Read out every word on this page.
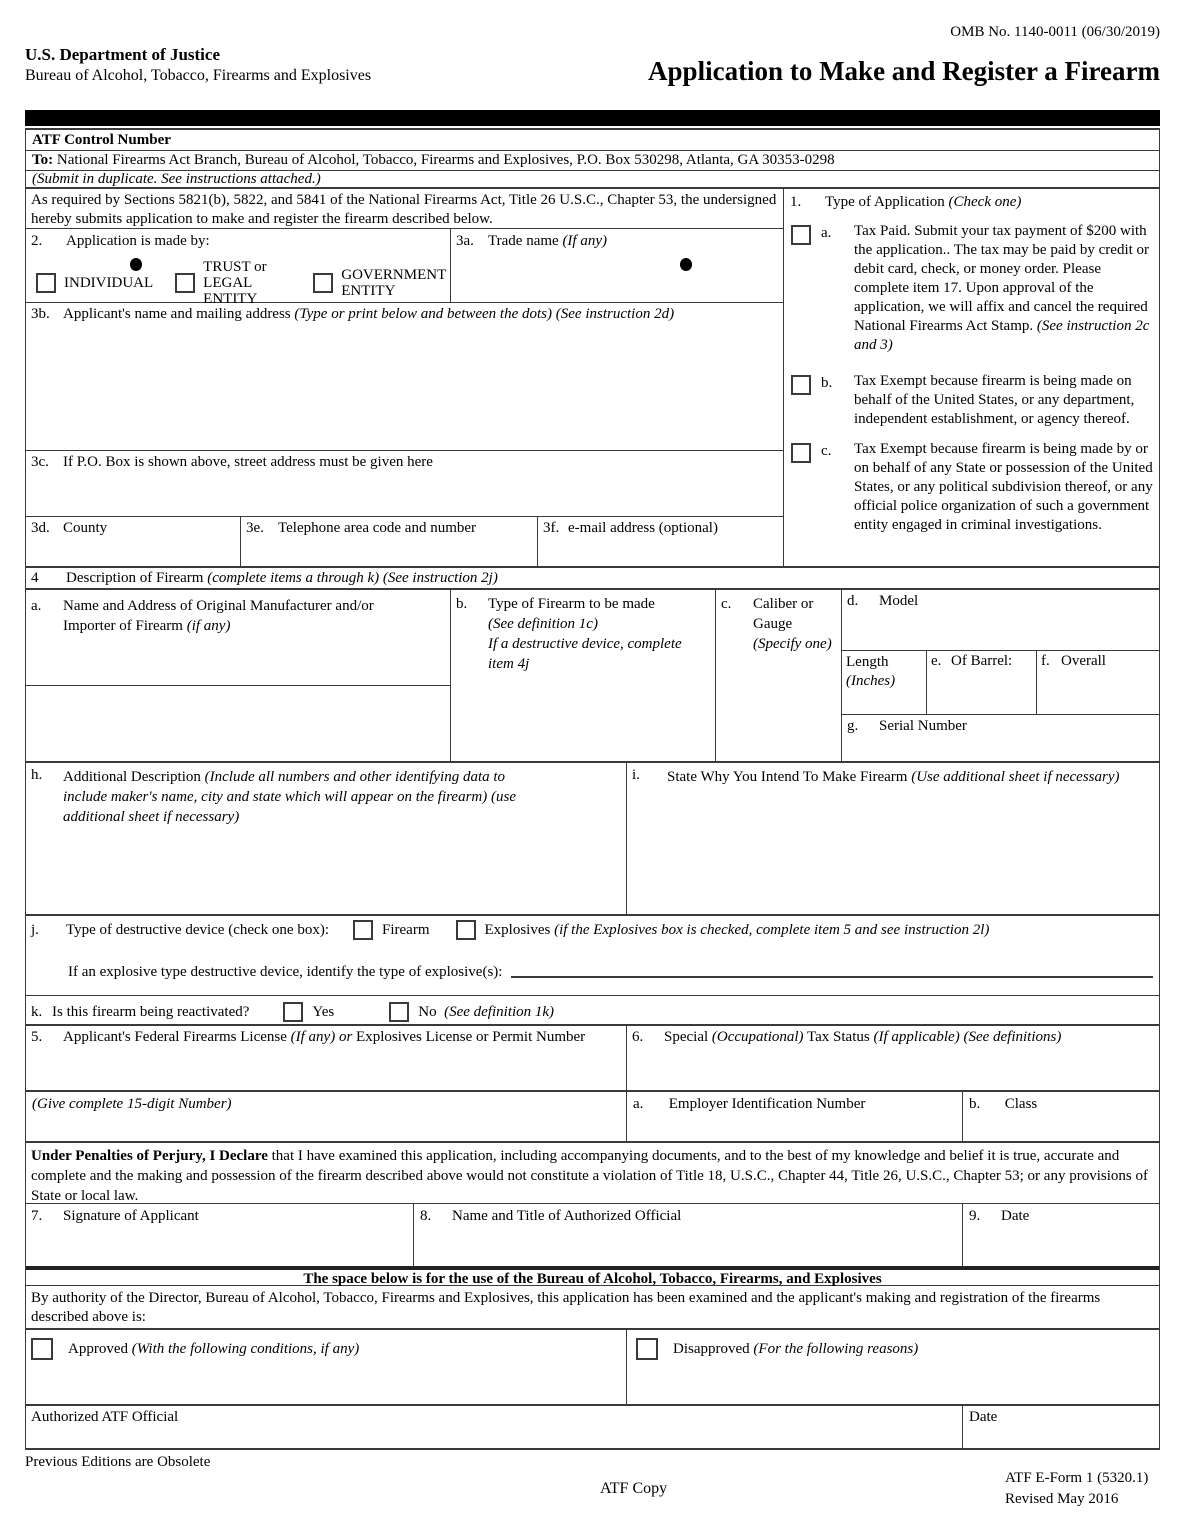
OMB No. 1140-0011 (06/30/2019)
U.S. Department of Justice
Bureau of Alcohol, Tobacco, Firearms and Explosives	Application to Make and Register a Firearm
ATF Control Number
To: National Firearms Act Branch, Bureau of Alcohol, Tobacco, Firearms and Explosives, P.O. Box 530298, Atlanta, GA 30353-0298
(Submit in duplicate. See instructions attached.)
As required by Sections 5821(b), 5822, and 5841 of the National Firearms Act, Title 26 U.S.C., Chapter 53, the undersigned hereby submits application to make and register the firearm described below.
2.	Application is made by:
INDIVIDUAL
TRUST or LEGAL ENTITY
GOVERNMENT ENTITY
3a. Trade name (If any)
3b. Applicant's name and mailing address (Type or print below and between the dots) (See instruction 2d)
3c. If P.O. Box is shown above, street address must be given here
3d. County	3e. Telephone area code and number	3f. e-mail address (optional)
1.	Type of Application (Check one)
a.	Tax Paid. Submit your tax payment of $200 with the application.. The tax may be paid by credit or debit card, check, or money order. Please complete item 17. Upon approval of the application, we will affix and cancel the required National Firearms Act Stamp. (See instruction 2c and 3)
b.	Tax Exempt because firearm is being made on behalf of the United States, or any department, independent establishment, or agency thereof.
c.	Tax Exempt because firearm is being made by or on behalf of any State or possession of the United States, or any political subdivision thereof, or any official police organization of such a government entity engaged in criminal investigations.
4 Description of Firearm (complete items a through k) (See instruction 2j)
a.	Name and Address of Original Manufacturer and/or Importer of Firearm (if any)
b.	Type of Firearm to be made
(See definition 1c)
If a destructive device, complete item 4j
c.	Caliber or Gauge (Specify one)
d.	Model
Length
(Inches)
e. Of Barrel:	f. Overall
g.	Serial Number
h.	Additional Description (Include all numbers and other identifying data to include maker's name, city and state which will appear on the firearm) (use additional sheet if necessary)
i.	State Why You Intend To Make Firearm (Use additional sheet if necessary)
j.	Type of destructive device (check one box):	Firearm	Explosives (if the Explosives box is checked, complete item 5 and see instruction 2l)
If an explosive type destructive device, identify the type of explosive(s):
k. Is this firearm being reactivated?	Yes	No  (See definition 1k)
5.	Applicant's Federal Firearms License (If any) or Explosives License or Permit Number
(Give complete 15-digit Number)
6.	Special (Occupational) Tax Status (If applicable) (See definitions)
a. Employer Identification Number	b. Class
Under Penalties of Perjury, I Declare that I have examined this application, including accompanying documents, and to the best of my knowledge and belief it is true, accurate and complete and the making and possession of the firearm described above would not constitute a violation of Title 18, U.S.C., Chapter 44, Title 26, U.S.C., Chapter 53; or any provisions of State or local law.
7.	Signature of Applicant	8.	Name and Title of Authorized Official	9.	Date
The space below is for the use of the Bureau of Alcohol, Tobacco, Firearms, and Explosives
By authority of the Director, Bureau of Alcohol, Tobacco, Firearms and Explosives, this application has been examined and the applicant's making and registration of the firearms described above is:
Approved (With the following conditions, if any)	Disapproved (For the following reasons)
Authorized ATF Official	Date
Previous Editions are Obsolete
ATF Copy
ATF E-Form 1 (5320.1)
Revised May 2016
